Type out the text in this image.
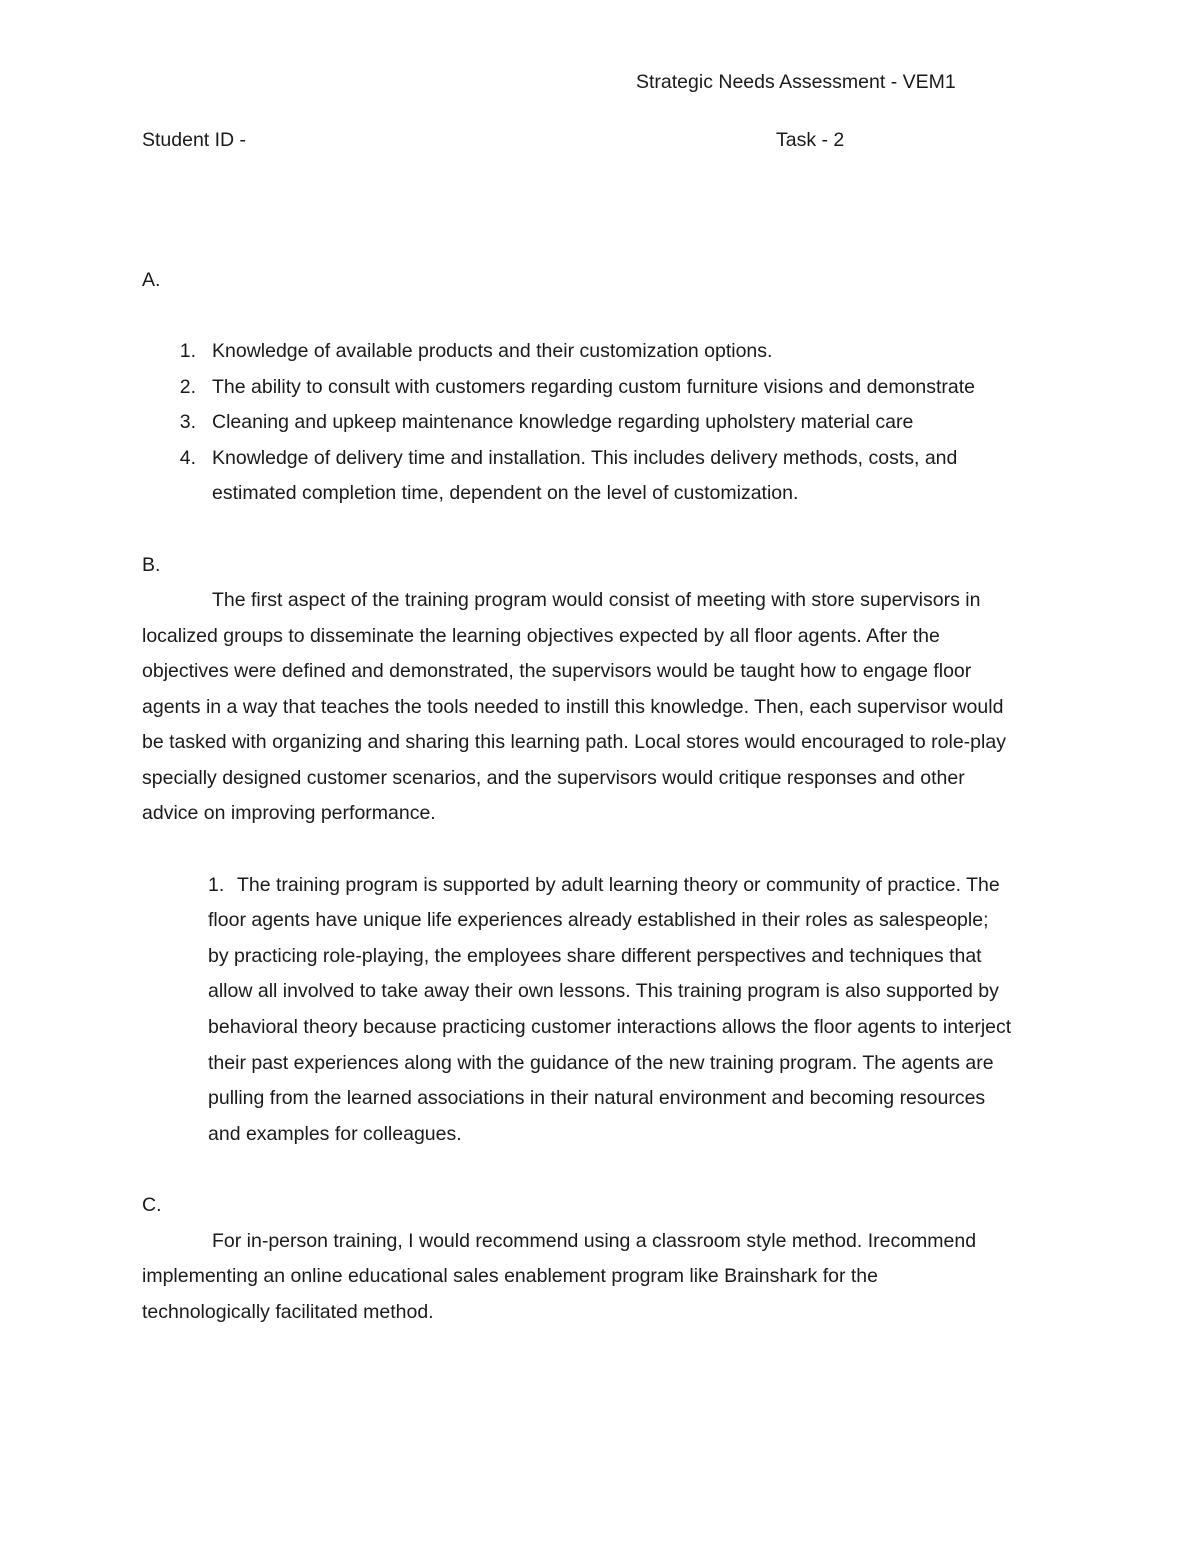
Strategic Needs Assessment - VEM1
Student ID -	Task - 2
A.
1. Knowledge of available products and their customization options.
2. The ability to consult with customers regarding custom furniture visions and demonstrate
3. Cleaning and upkeep maintenance knowledge regarding upholstery material care
4. Knowledge of delivery time and installation. This includes delivery methods, costs, and
estimated completion time, dependent on the level of customization.
B.
The first aspect of the training program would consist of meeting with store supervisors in
localized groups to disseminate the learning objectives expected by all floor agents. After the
objectives were defined and demonstrated, the supervisors would be taught how to engage floor
agents in a way that teaches the tools needed to instill this knowledge. Then, each supervisor would
be tasked with organizing and sharing this learning path. Local stores would encouraged to role-play
specially designed customer scenarios, and the supervisors would critique responses and other
advice on improving performance.
1. The training program is supported by adult learning theory or community of practice. The
floor agents have unique life experiences already established in their roles as salespeople;
by practicing role-playing, the employees share different perspectives and techniques that
allow all involved to take away their own lessons. This training program is also supported by
behavioral theory because practicing customer interactions allows the floor agents to interject
their past experiences along with the guidance of the new training program. The agents are
pulling from the learned associations in their natural environment and becoming resources
and examples for colleagues.
C.
For in-person training, I would recommend using a classroom style method. Irecommend
implementing an online educational sales enablement program like Brainshark for the
technologically facilitated method.
